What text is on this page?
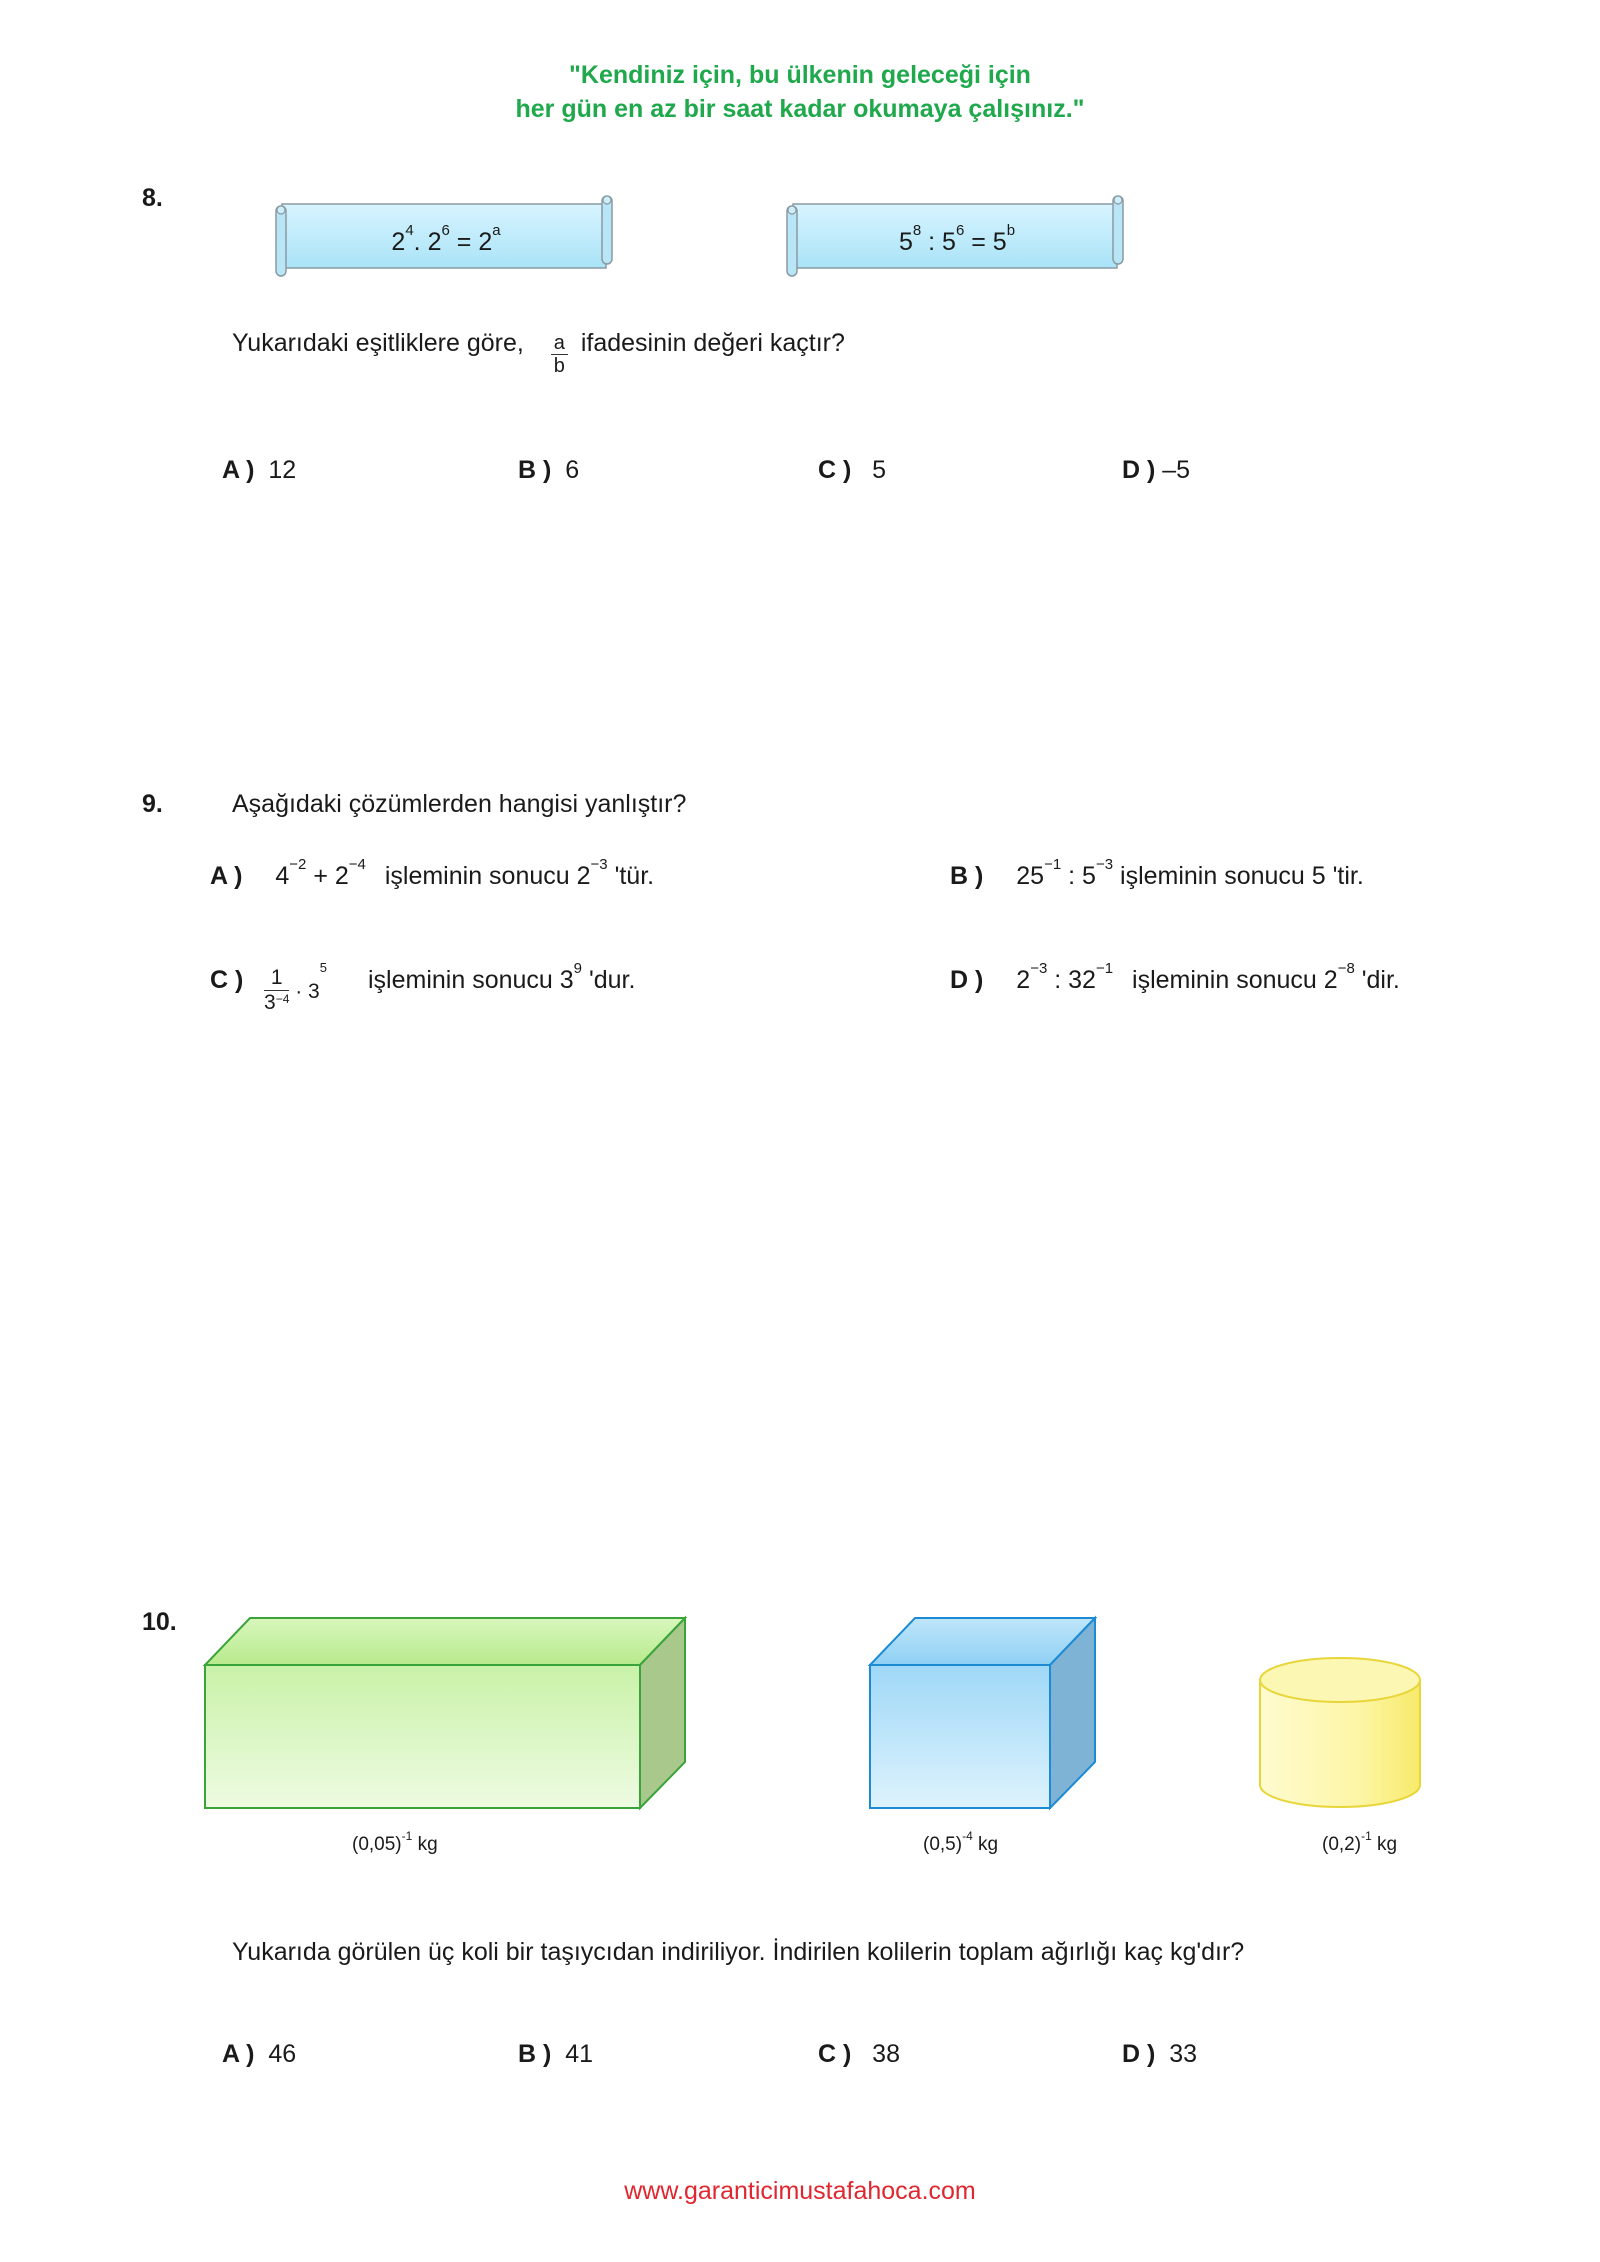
"Kendiniz için, bu ülkenin geleceği için
her gün en az bir saat kadar okumaya çalışınız."
8.
$2^4$. $2^6 = 2^a$	$5^8$ : $5^6 = 5^b$
Yukarıdaki eşitliklere göre, $\frac{a}{b}$ ifadesinin değeri kaçtır?
A ) 12	B ) 6	C ) 5	D ) –5
9.	Aşağıdaki çözümlerden hangisi yanlıştır?
A ) $4^{-2} + 2^{-4}$ işleminin sonucu $2^{-3}$ 'tür.	B ) $25^{-1}$ : $5^{-3}$ işleminin sonucu 5 'tir.
C ) $\frac{1}{3^{-4}} \cdot 3^5$ işleminin sonucu $3^9$ 'dur.	D ) $2^{-3}$ : $32^{-1}$ işleminin sonucu $2^{-8}$ 'dir.
10.
$(0,05)^{-1}$ kg	$(0,5)^{-4}$ kg	$(0,2)^{-1}$ kg
Yukarıda görülen üç koli bir taşıycıdan indiriliyor. İndirilen kolilerin toplam ağırlığı kaç kg'dır?
A ) 46	B ) 41	C ) 38	D ) 33
www.garanticimustafahoca.com
